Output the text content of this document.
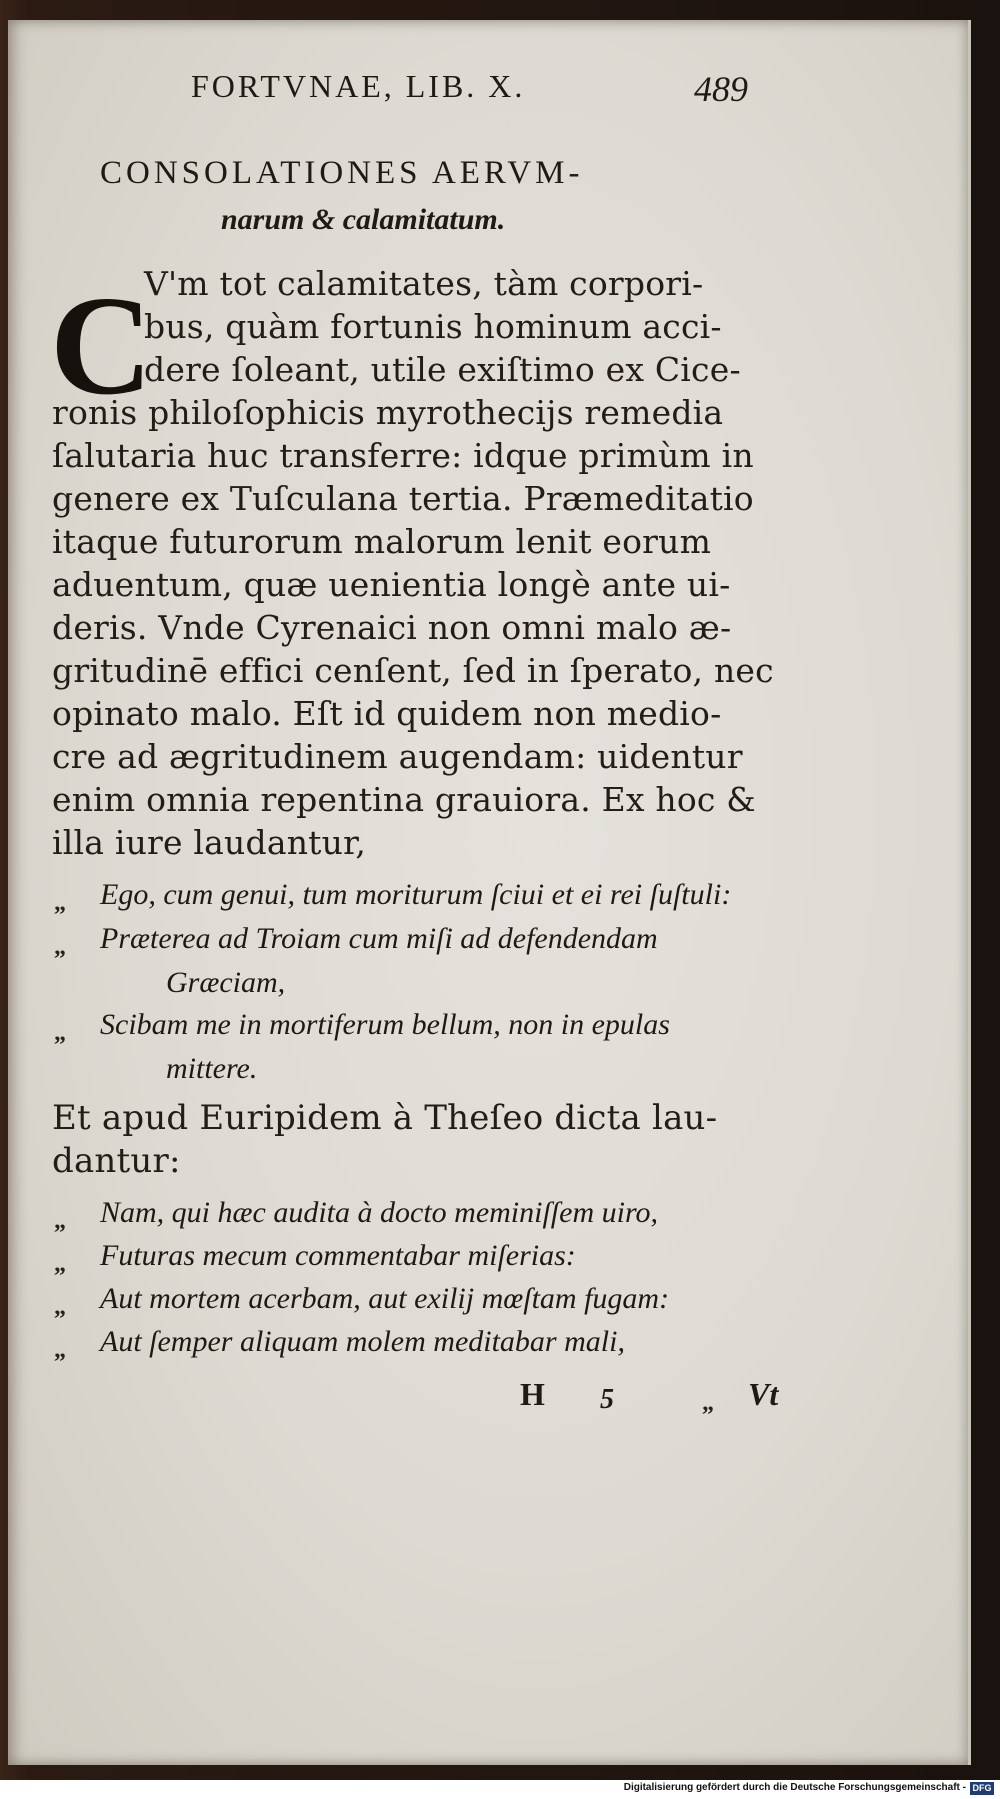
FORTVNAE, LIB. X.	489
CONSOLATIONES AERVM-
narum & calamitatum.
C
V'm tot calamitates, tàm corpori-
bus, quàm fortunis hominum acci-
dere ſoleant, utile exiſtimo ex Cice-
ronis philoſophicis myrothecijs remedia
ſalutaria huc transferre: idque primùm in
genere ex Tuſculana tertia. Præmeditatio
itaque futurorum malorum lenit eorum
aduentum, quæ uenientia longè ante ui-
deris. Vnde Cyrenaici non omni malo æ-
gritudinē effici cenſent, ſed in ſperato, nec
opinato malo. Eſt id quidem non medio-
cre ad ægritudinem augendam: uidentur
enim omnia repentina grauiora. Ex hoc &
illa iure laudantur,
„ Ego, cum genui, tum moriturum ſciui et ei rei ſuſtuli:
„ Præterea ad Troiam cum miſi ad defendendam
Græciam,
„ Scibam me in mortiferum bellum, non in epulas
mittere.
Et apud Euripidem à Theſeo dicta lau-
dantur:
„ Nam, qui hæc audita à docto meminiſſem uiro,
„ Futuras mecum commentabar miſerias:
„ Aut mortem acerbam, aut exilij mœſtam fugam:
„ Aut ſemper aliquam molem meditabar mali,
H 5	„ Vt
Digitalisierung gefördert durch die Deutsche Forschungsgemeinschaft - DFG
